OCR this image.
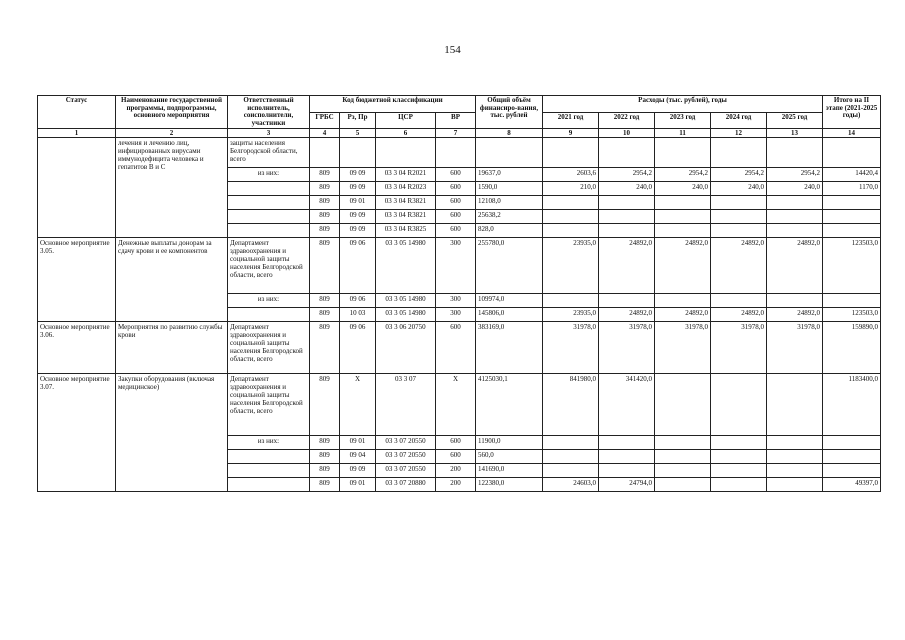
154
Статус	Наименование государственной программы, подпрограммы, основного мероприятия	Ответственный исполнитель, соисполнители, участники	Код бюджетной классификации				Общий объём финансиро-вания, тыс. рублей	Расходы (тыс. рублей), годы					Итого на II этапе (2021-2025 годы)
			ГРБС	Рз, Пр	ЦСР	ВР		2021 год	2022 год	2023 год	2024 год	2025 год	
1	2	3	4	5	6	7	8	9	10	11	12	13	14
	лечения и лечению лиц, инфицированных вирусами иммунодефицита человека и гепатитов В и С	защиты населения Белгородской области, всего											
		из них:	809	09 09	03 3 04 R2021	600	19637,0	2603,6	2954,2	2954,2	2954,2	2954,2	14420,4
			809	09 09	03 3 04 R2023	600	1590,0	210,0	240,0	240,0	240,0	240,0	1170,0
			809	09 01	03 3 04 R3821	600	12108,0						
			809	09 09	03 3 04 R3821	600	25638,2						
			809	09 09	03 3 04 R3825	600	828,0						
Основное мероприятие 3.05.	Денежные выплаты донорам за сдачу крови и ее компонентов	Департамент здравоохранения и социальной защиты населения Белгородской области, всего	809	09 06	03 3 05 14980	300	255780,0	23935,0	24892,0	24892,0	24892,0	24892,0	123503,0
		из них:	809	09 06	03 3 05 14980	300	109974,0						
			809	10 03	03 3 05 14980	300	145806,0	23935,0	24892,0	24892,0	24892,0	24892,0	123503,0
Основное мероприятие 3.06.	Мероприятия по развитию службы крови	Департамент здравоохранения и социальной защиты населения Белгородской области, всего	809	09 06	03 3 06 20750	600	383169,0	31978,0	31978,0	31978,0	31978,0	31978,0	159890,0
Основное мероприятие 3.07.	Закупки оборудования (включая медицинское)	Департамент здравоохранения и социальной защиты населения Белгородской области, всего	809	Х	03 3 07	Х	4125030,1	841980,0	341420,0				1183400,0
		из них:	809	09 01	03 3 07 20550	600	11900,0						
			809	09 04	03 3 07 20550	600	560,0						
			809	09 09	03 3 07 20550	200	141690,0						
			809	09 01	03 3 07 20880	200	122380,0	24603,0	24794,0				49397,0
